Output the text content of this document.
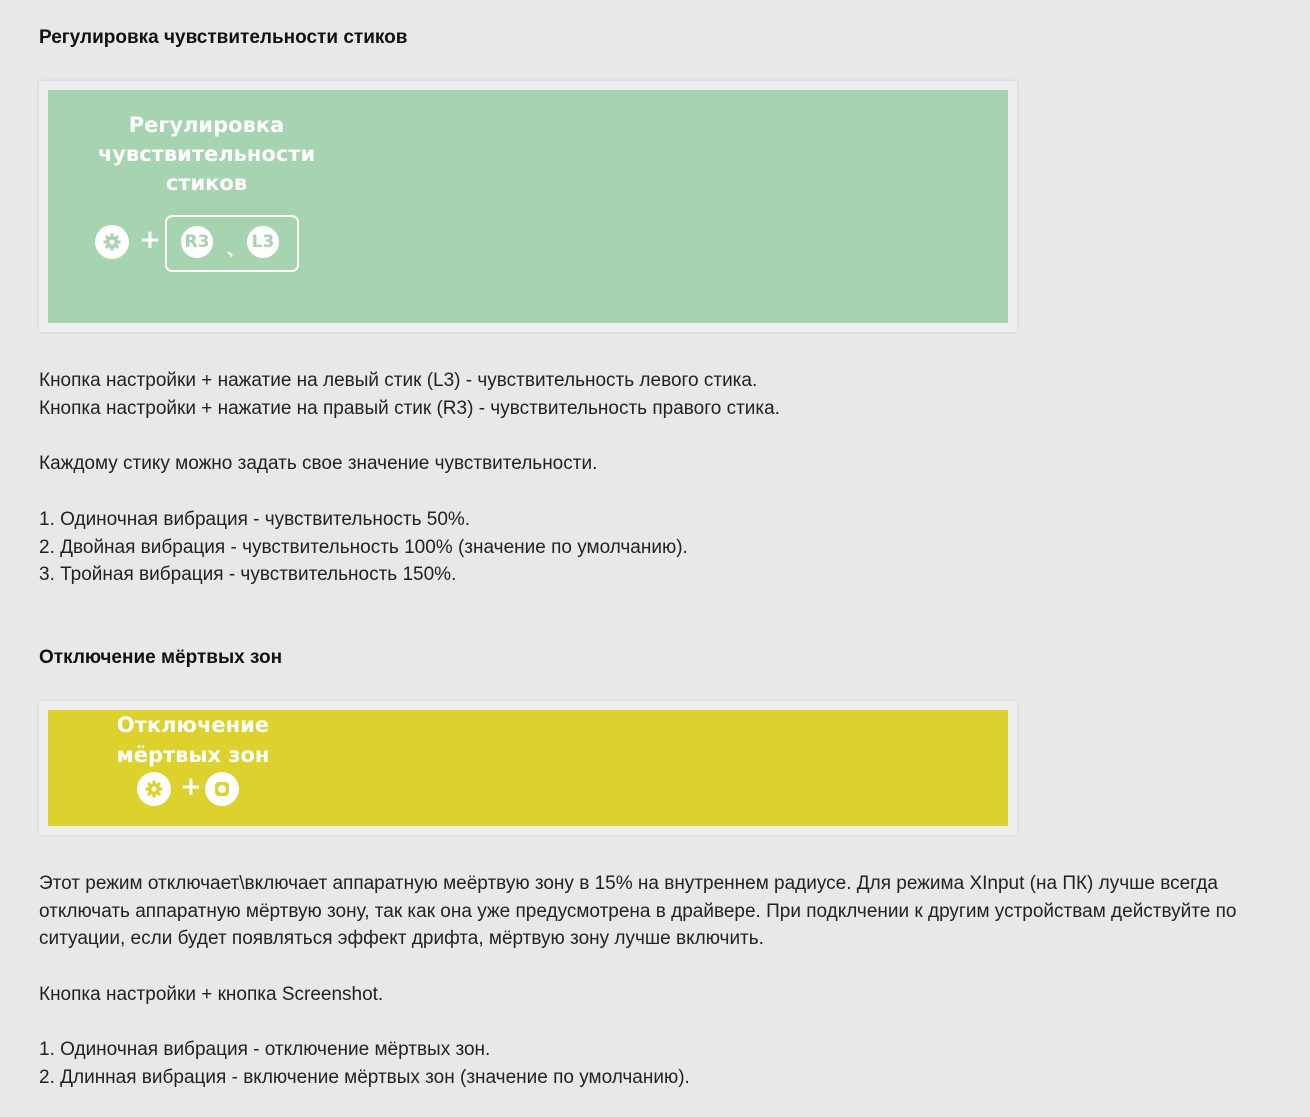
Регулировка чувствительности стиков
Регулировка
чувствительности
стиков
+ R3 、 L3
Кнопка настройки + нажатие на левый стик (L3) - чувствительность левого стика.
Кнопка настройки + нажатие на правый стик (R3) - чувствительность правого стика.
Каждому стику можно задать свое значение чувствительности.
1. Одиночная вибрация - чувствительность 50%.
2. Двойная вибрация - чувствительность 100% (значение по умолчанию).
3. Тройная вибрация - чувствительность 150%.
Отключение мёртвых зон
Отключение
мёртвых зон
+
Этот режим отключает\включает аппаратную меёртвую зону в 15% на внутреннем радиусе. Для режима XInput (на ПК) лучше всегда
отключать аппаратную мёртвую зону, так как она уже предусмотрена в драйвере. При подклчении к другим устройствам действуйте по
ситуации, если будет появляться эффект дрифта, мёртвую зону лучше включить.
Кнопка настройки + кнопка Screenshot.
1. Одиночная вибрация - отключение мёртвых зон.
2. Длинная вибрация - включение мёртвых зон (значение по умолчанию).
